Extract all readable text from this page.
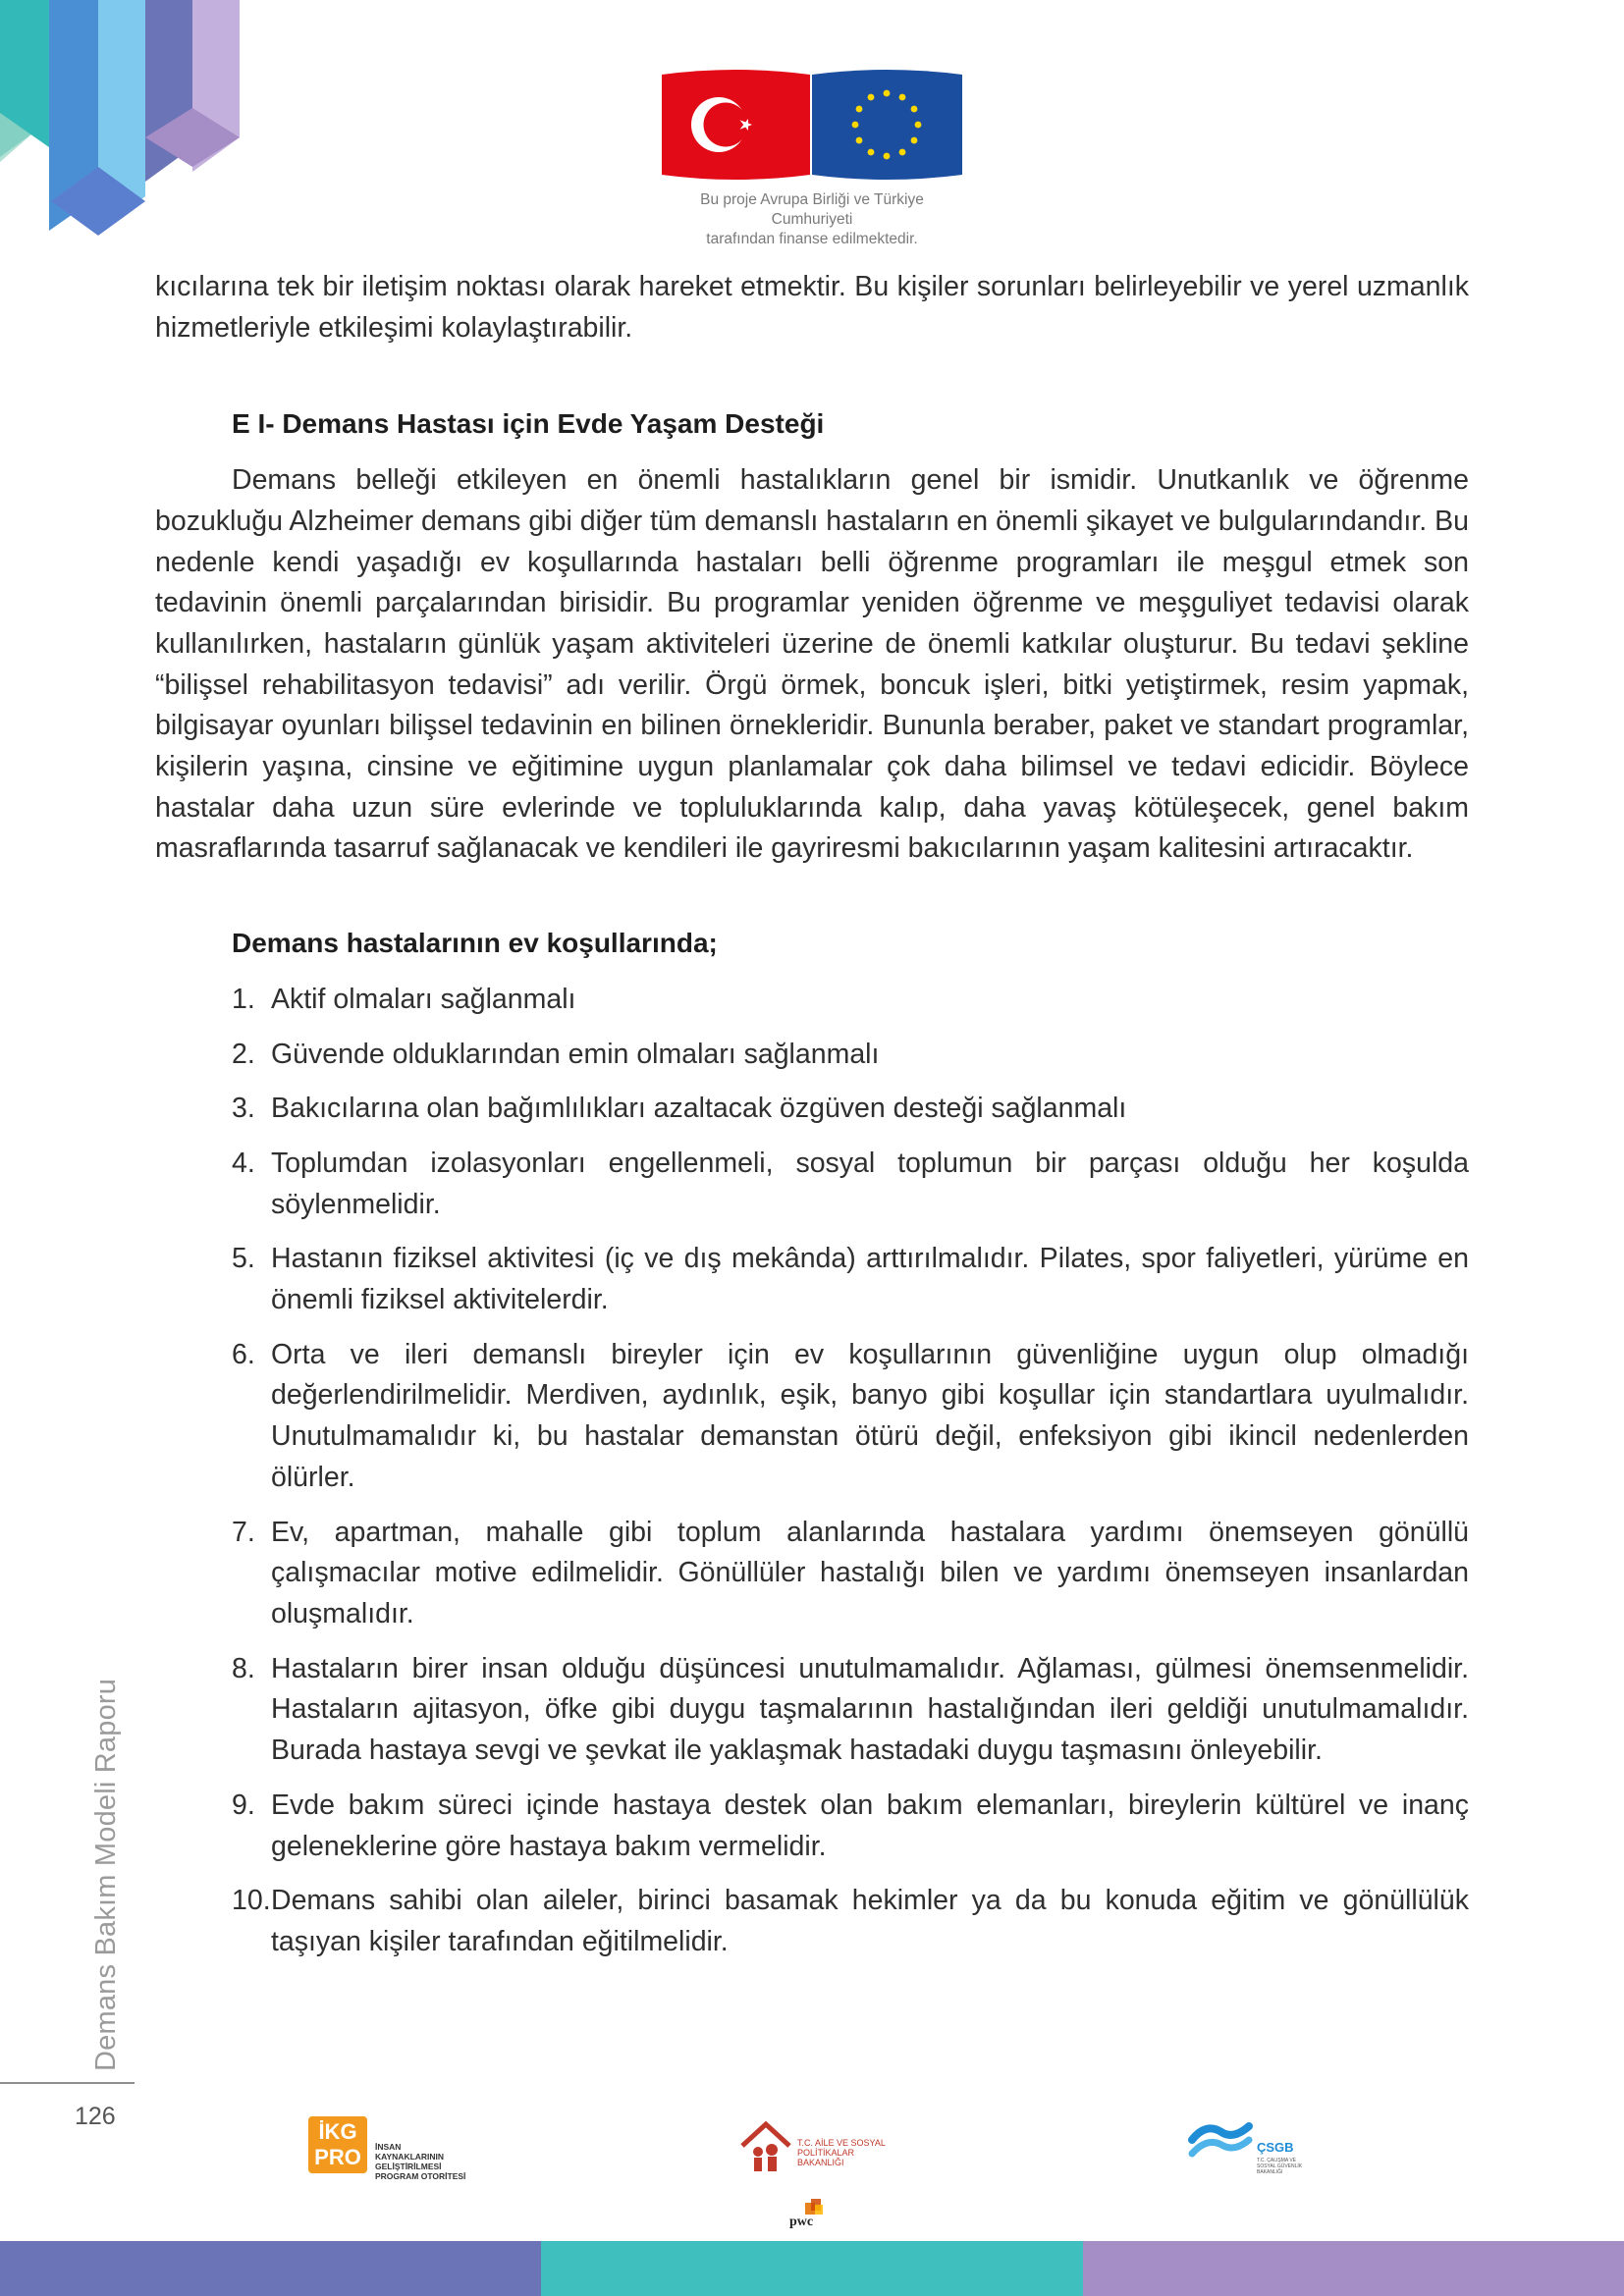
Bu proje Avrupa Birliği ve Türkiye Cumhuriyeti
tarafından finanse edilmektedir.

kıcılarına tek bir iletişim noktası olarak hareket etmektir. Bu kişiler sorunları belirleyebilir ve yerel uzmanlık hizmetleriyle etkileşimi kolaylaştırabilir.

E I- Demans Hastası için Evde Yaşam Desteği

Demans belleği etkileyen en önemli hastalıkların genel bir ismidir. Unutkanlık ve öğrenme bozukluğu Alzheimer demans gibi diğer tüm demanslı hastaların en önemli şikayet ve bulgularındandır. Bu nedenle kendi yaşadığı ev koşullarında hastaları belli öğrenme programları ile meşgul etmek son tedavinin önemli parçalarından birisidir. Bu programlar yeniden öğrenme ve meşguliyet tedavisi olarak kullanılırken, hastaların günlük yaşam aktiviteleri üzerine de önemli katkılar oluşturur. Bu tedavi şekline “bilişsel rehabilitasyon tedavisi” adı verilir. Örgü örmek, boncuk işleri, bitki yetiştirmek, resim yapmak, bilgisayar oyunları bilişsel tedavinin en bilinen örnekleridir. Bununla beraber, paket ve standart programlar, kişilerin yaşına, cinsine ve eğitimine uygun planlamalar çok daha bilimsel ve tedavi edicidir. Böylece hastalar daha uzun süre evlerinde ve topluluklarında kalıp, daha yavaş kötüleşecek, genel bakım masraflarında tasarruf sağlanacak ve kendileri ile gayriresmi bakıcılarının yaşam kalitesini artıracaktır.

Demans hastalarının ev koşullarında;

1. Aktif olmaları sağlanmalı
2. Güvende olduklarından emin olmaları sağlanmalı
3. Bakıcılarına olan bağımlılıkları azaltacak özgüven desteği sağlanmalı
4. Toplumdan izolasyonları engellenmeli, sosyal toplumun bir parçası olduğu her koşulda söylenmelidir.
5. Hastanın fiziksel aktivitesi (iç ve dış mekânda) arttırılmalıdır. Pilates, spor faliyetleri, yürüme en önemli fiziksel aktivitelerdir.
6. Orta ve ileri demanslı bireyler için ev koşullarının güvenliğine uygun olup olmadığı değerlendirilmelidir. Merdiven, aydınlık, eşik, banyo gibi koşullar için standartlara uyulmalıdır. Unutulmamalıdır ki, bu hastalar demanstan ötürü değil, enfeksiyon gibi ikincil nedenlerden ölürler.
7. Ev, apartman, mahalle gibi toplum alanlarında hastalara yardımı önemseyen gönüllü çalışmacılar motive edilmelidir. Gönüllüler hastalığı bilen ve yardımı önemseyen insanlardan oluşmalıdır.
8. Hastaların birer insan olduğu düşüncesi unutulmamalıdır. Ağlaması, gülmesi önemsenmelidir. Hastaların ajitasyon, öfke gibi duygu taşmalarının hastalığından ileri geldiği unutulmamalıdır. Burada hastaya sevgi ve şevkat ile yaklaşmak hastadaki duygu taşmasını önleyebilir.
9. Evde bakım süreci içinde hastaya destek olan bakım elemanları, bireylerin kültürel ve inanç geleneklerine göre hastaya bakım vermelidir.
10. Demans sahibi olan aileler, birinci basamak hekimler ya da bu konuda eğitim ve gönüllülük taşıyan kişiler tarafından eğitilmelidir.
Demans Bakım Modeli Raporu
126
İKG PRO	İNSAN KAYNAKLARININ GELİŞTİRİLMESİ PROGRAM OTORİTESİ
T.C. AİLE VE SOSYAL POLİTİKALAR BAKANLIĞI
pwc
ÇSGB
T.C. ÇALIŞMA VE SOSYAL GÜVENLİK BAKANLIĞI
